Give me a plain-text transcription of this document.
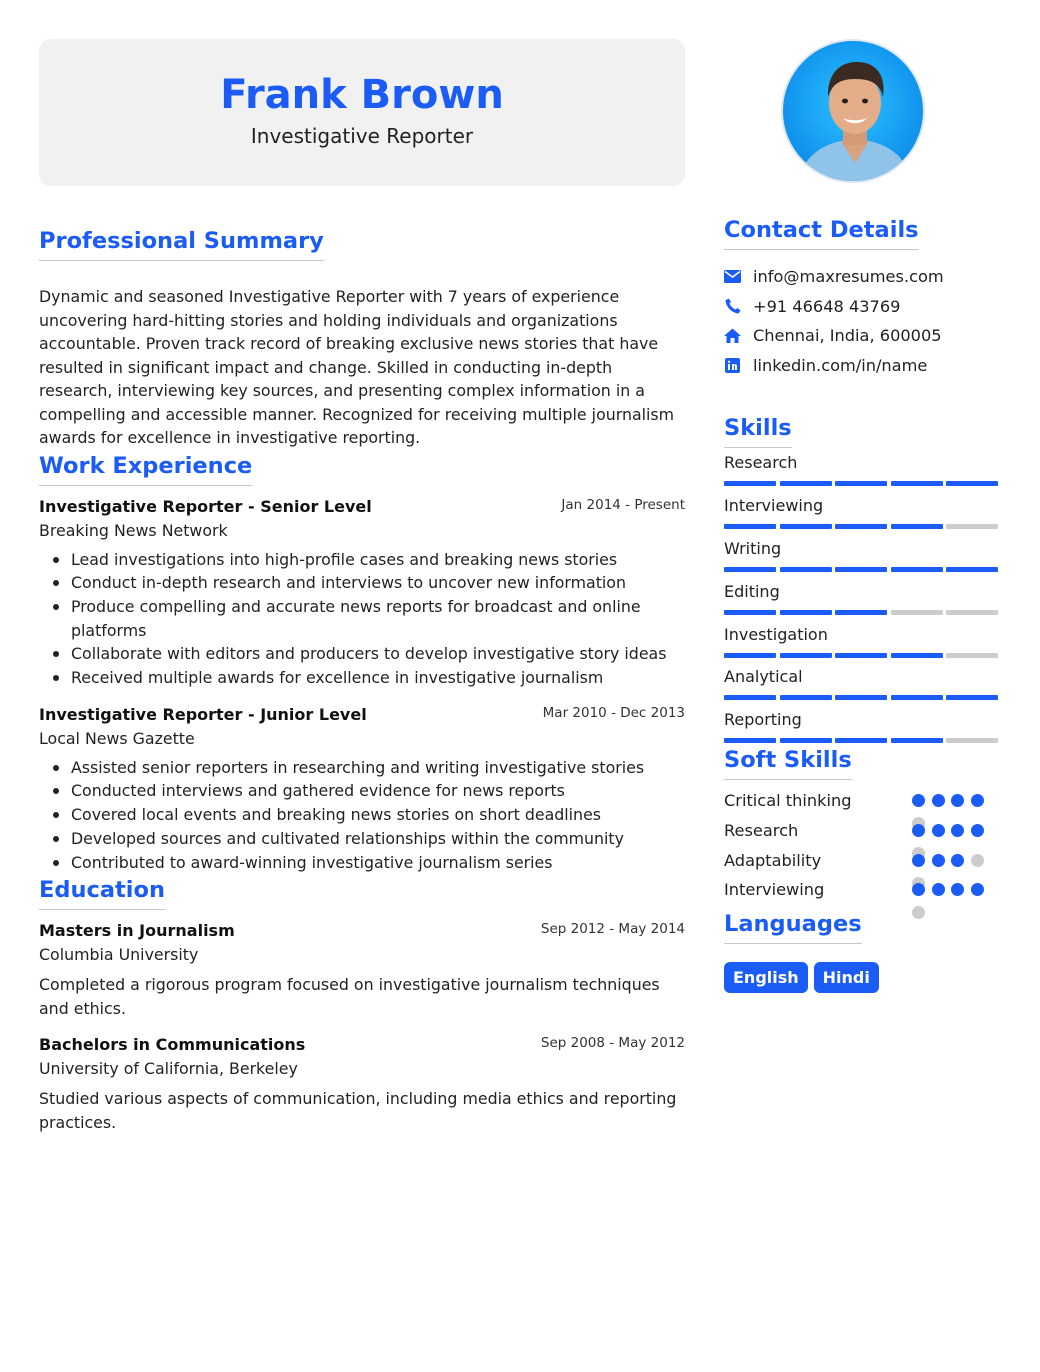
Frank Brown
Investigative Reporter
Professional Summary
Dynamic and seasoned Investigative Reporter with 7 years of experience uncovering hard-hitting stories and holding individuals and organizations accountable. Proven track record of breaking exclusive news stories that have resulted in significant impact and change. Skilled in conducting in-depth research, interviewing key sources, and presenting complex information in a compelling and accessible manner. Recognized for receiving multiple journalism awards for excellence in investigative reporting.
Work Experience
Investigative Reporter - Senior Level	Jan 2014 - Present
Breaking News Network
Lead investigations into high-profile cases and breaking news stories
Conduct in-depth research and interviews to uncover new information
Produce compelling and accurate news reports for broadcast and online platforms
Collaborate with editors and producers to develop investigative story ideas
Received multiple awards for excellence in investigative journalism
Investigative Reporter - Junior Level	Mar 2010 - Dec 2013
Local News Gazette
Assisted senior reporters in researching and writing investigative stories
Conducted interviews and gathered evidence for news reports
Covered local events and breaking news stories on short deadlines
Developed sources and cultivated relationships within the community
Contributed to award-winning investigative journalism series
Education
Masters in Journalism	Sep 2012 - May 2014
Columbia University
Completed a rigorous program focused on investigative journalism techniques and ethics.
Bachelors in Communications	Sep 2008 - May 2012
University of California, Berkeley
Studied various aspects of communication, including media ethics and reporting practices.
Contact Details
info@maxresumes.com
+91 46648 43769
Chennai, India, 600005
linkedin.com/in/name
Skills
Research
Interviewing
Writing
Editing
Investigation
Analytical
Reporting
Soft Skills
Critical thinking
Research
Adaptability
Interviewing
Languages
English	Hindi
